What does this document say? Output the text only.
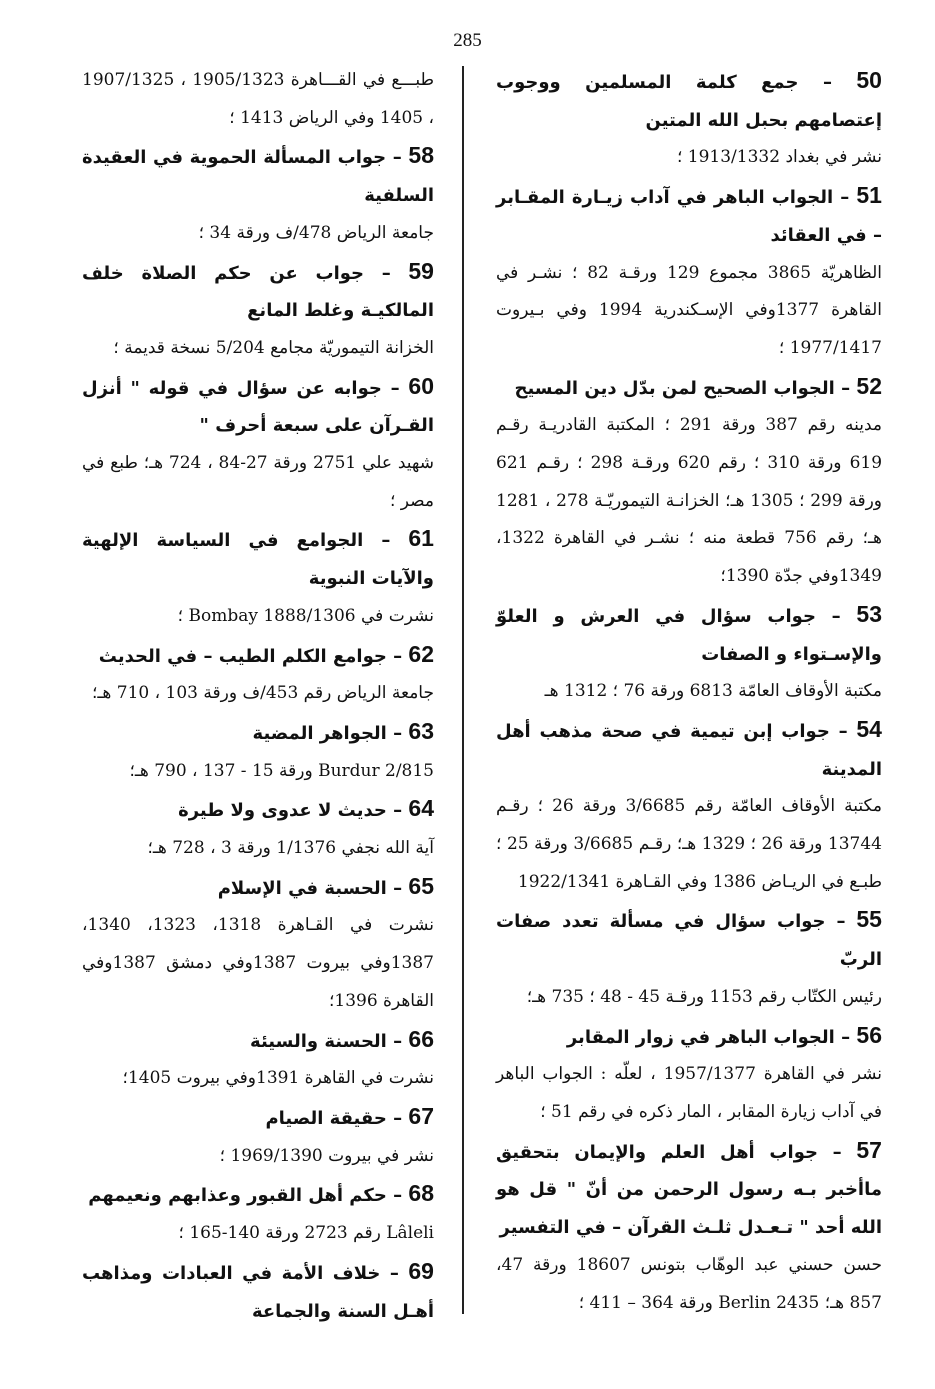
285
50 – جمع كلمة المسلمين ووجوب إعتصامهم بحبل الله المتين
نشر في بغداد 1913/1332 ؛
51 – الجواب الباهر في آداب زيـارة المقـابر – في العقائد
الظاهريّة 3865 مجموع 129 ورقـة 82 ؛ نشـر في القاهرة 1377وفي الإسـكندرية 1994 وفي بـيروت 1977/1417 ؛
52 – الجواب الصحيح لمن بدّل دين المسيح
مدينه رقم 387 ورقة 291 ؛ المكتبة القادريـة رقـم 619 ورقة 310 ؛ رقم 620 ورقـة 298 ؛ رقـم 621 ورقة 299 ؛ 1305 هـ؛ الخزانـة التيموريّـة 278 ، 1281 هـ؛ رقم 756 قطعة منه ؛ نشـر في القاهرة 1322، 1349وفي جدّة 1390؛
53 – جواب سؤال في العرش و العلوّ والإسـتواء و الصفات
مكتبة الأوقاف العامّة 6813 ورقة 76 ؛ 1312 هـ
54 – جواب إبن تيمية في صحة مذهب أهل المدينة
مكتبة الأوقاف العامّة رقم 3/6685 ورقة 26 ؛ رقـم 13744 ورقة 26 ؛ 1329 هـ؛ رقـم 3/6685 ورقة 25 ؛ طبـع في الريـاض 1386 وفي القـاهرة 1922/1341
55 – جواب سؤال في مسألة تعدد صفات الربّ
رئيس الكتّاب رقم 1153 ورقـة 45 - 48 ؛ 735 هـ؛
56 – الجواب الباهر في زوار المقابر
نشر في القاهرة 1957/1377 ، لعلّه : الجواب الباهر في آداب زيارة المقابر ، المار ذكره في رقم 51 ؛
57 – جواب أهل العلم والإيمان بتحقيق ماأخبر بـه رسول الرحمن من أنّ " قل هو الله أحد " تـعـدل ثلـث القرآن – في التفسير
حسن حسني عبد الوهّاب بتونس 18607 ورقة 47، 857 هـ؛ Berlin 2435 ورقة 364 – 411 ؛
طبـــع في القـــاهرة 1905/1323 ، 1907/1325 ، 1405 وفي الرياض 1413 ؛
58 – جواب المسألة الحموية في العقيدة السلفية
جامعة الرياض 478/ف ورقة 34 ؛
59 – جواب عن حكم الصلاة خلف المالكيـة وغلط المانع
الخزانة التيموريّة مجامع 5/204 نسخة قديمة ؛
60 – جوابه عن سؤال في قوله " أنزل القـرآن على سبعة أحرف "
شهيد علي 2751 ورقة 27-84 ، 724 هـ؛ طبع في مصر ؛
61 – الجوامع في السياسة الإلهية والآيات النبوية
نشرت في Bombay 1888/1306 ؛
62 – جوامع الكلم الطيب – في الحديث
جامعة الرياض رقم 453/ف ورقة 103 ، 710 هـ؛
63 – الجواهر المضية
Burdur 2/815 ورقة 15 - 137 ، 790 هـ؛
64 – حديث لا عدوى ولا طيرة
آية الله نجفي 1/1376 ورقة 3 ، 728 هـ؛
65 – الحسبة في الإسلام
نشرت في القـاهرة 1318، 1323، 1340، 1387وفي بيروت 1387وفي دمشق 1387وفي القاهرة 1396؛
66 – الحسنة والسيئة
نشرت في القاهرة 1391وفي بيروت 1405؛
67 – حقيقة الصيام
نشر في بيروت 1969/1390 ؛
68 – حكم أهل القبور وعذابهم ونعيمهم
Lâleli رقم 2723 ورقة 140-165 ؛
69 – خلاف الأمة في العبادات ومذاهب أهـل السنة والجماعة
